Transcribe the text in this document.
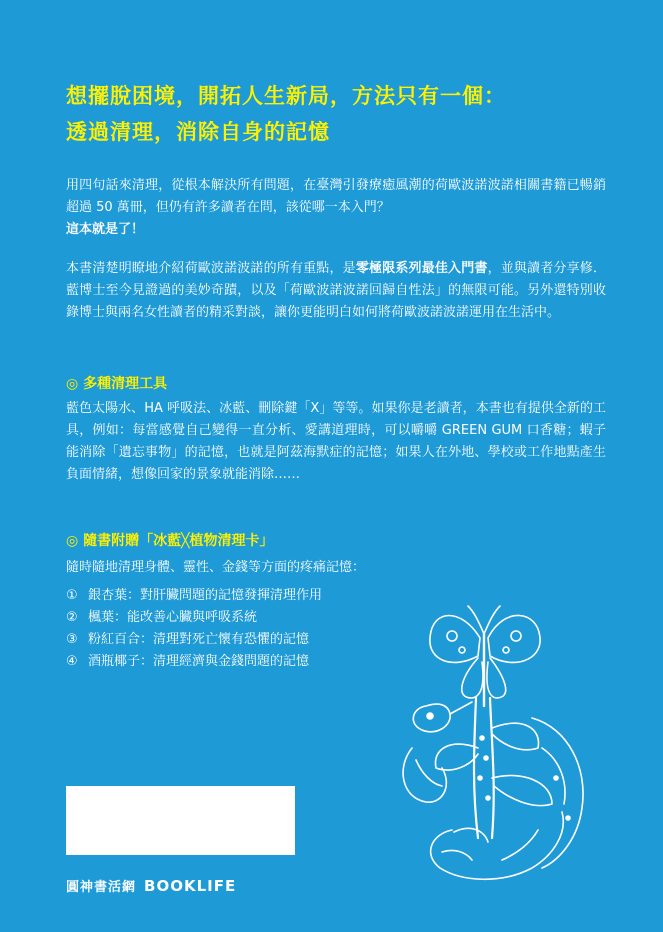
想擺脫困境，開拓人生新局，方法只有一個：
透過清理，消除自身的記憶
用四句話來清理，從根本解決所有問題，在臺灣引發療癒風潮的荷歐波諾波諾相關書籍已暢銷超過 50 萬冊，但仍有許多讀者在問，該從哪一本入門？
這本就是了！
本書清楚明瞭地介紹荷歐波諾波諾的所有重點，是零極限系列最佳入門書，並與讀者分享修．藍博士至今見證過的美妙奇蹟，以及「荷歐波諾波諾回歸自性法」的無限可能。另外還特別收錄博士與兩名女性讀者的精采對談，讓你更能明白如何將荷歐波諾波諾運用在生活中。
◎ 多種清理工具
藍色太陽水、HA 呼吸法、冰藍、刪除鍵「X」等等。如果你是老讀者，本書也有提供全新的工具，例如：每當感覺自己變得一直分析、愛講道理時，可以嚼嚼 GREEN GUM 口香糖；蝦子能消除「遺忘事物」的記憶，也就是阿茲海默症的記憶；如果人在外地、學校或工作地點產生負面情緒，想像回家的景象就能消除……
◎ 隨書附贈「冰藍╳植物清理卡」
隨時隨地清理身體、靈性、金錢等方面的疼痛記憶：
① 銀杏葉：對肝臟問題的記憶發揮清理作用
② 楓葉：能改善心臟與呼吸系統
③ 粉紅百合：清理對死亡懷有恐懼的記憶
④ 酒瓶椰子：清理經濟與金錢問題的記憶
圓神書活網 BOOKLIFE
